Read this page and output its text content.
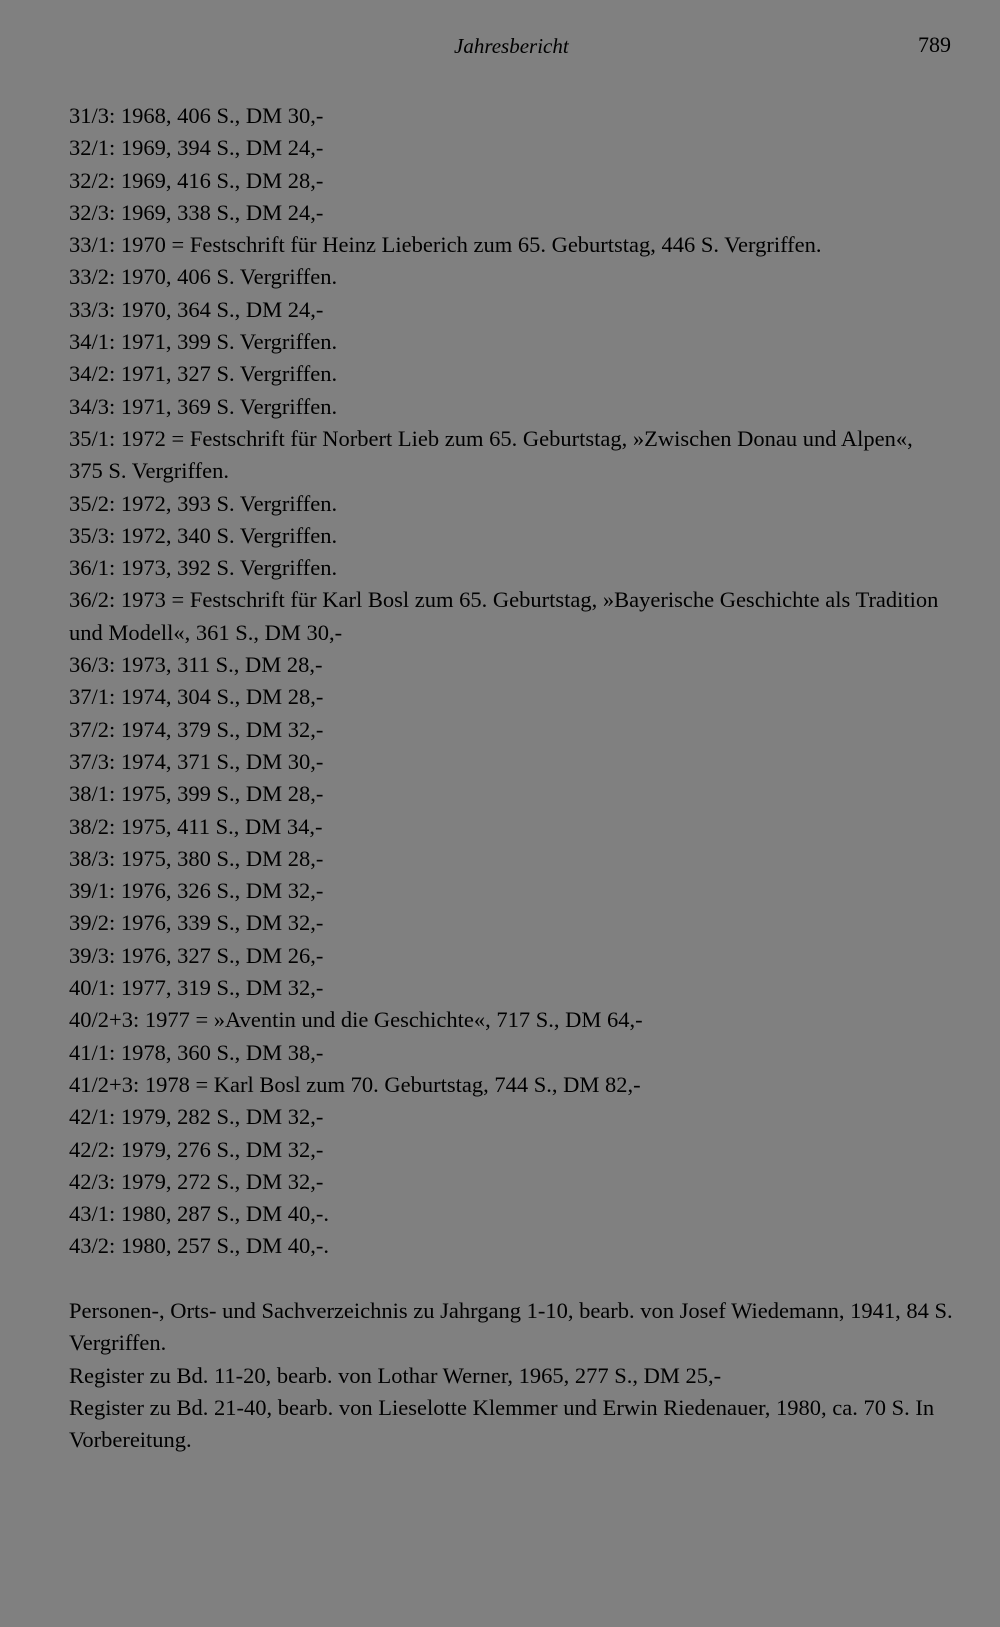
Jahresbericht	789

31/3: 1968, 406 S., DM 30,-

32/1: 1969, 394 S., DM 24,-

32/2: 1969, 416 S., DM 28,-

32/3: 1969, 338 S., DM 24,-

33/1: 1970 = Festschrift für Heinz Lieberich zum 65. Geburtstag, 446 S. Vergriffen.

33/2: 1970, 406 S. Vergriffen.

33/3: 1970, 364 S., DM 24,-

34/1: 1971, 399 S. Vergriffen.

34/2: 1971, 327 S. Vergriffen.

34/3: 1971, 369 S. Vergriffen.

35/1: 1972 = Festschrift für Norbert Lieb zum 65. Geburtstag, »Zwischen Donau und Alpen«, 375 S. Vergriffen.

35/2: 1972, 393 S. Vergriffen.

35/3: 1972, 340 S. Vergriffen.

36/1: 1973, 392 S. Vergriffen.

36/2: 1973 = Festschrift für Karl Bosl zum 65. Geburtstag, »Bayerische Geschichte als Tradition und Modell«, 361 S., DM 30,-

36/3: 1973, 311 S., DM 28,-

37/1: 1974, 304 S., DM 28,-

37/2: 1974, 379 S., DM 32,-

37/3: 1974, 371 S., DM 30,-

38/1: 1975, 399 S., DM 28,-

38/2: 1975, 411 S., DM 34,-

38/3: 1975, 380 S., DM 28,-

39/1: 1976, 326 S., DM 32,-

39/2: 1976, 339 S., DM 32,-

39/3: 1976, 327 S., DM 26,-

40/1: 1977, 319 S., DM 32,-

40/2+3: 1977 = »Aventin und die Geschichte«, 717 S., DM 64,-

41/1: 1978, 360 S., DM 38,-

41/2+3: 1978 = Karl Bosl zum 70. Geburtstag, 744 S., DM 82,-

42/1: 1979, 282 S., DM 32,-

42/2: 1979, 276 S., DM 32,-

42/3: 1979, 272 S., DM 32,-

43/1: 1980, 287 S., DM 40,-.

43/2: 1980, 257 S., DM 40,-.

Personen-, Orts- und Sachverzeichnis zu Jahrgang 1-10, bearb. von Josef Wiedemann, 1941, 84 S. Vergriffen.

Register zu Bd. 11-20, bearb. von Lothar Werner, 1965, 277 S., DM 25,-

Register zu Bd. 21-40, bearb. von Lieselotte Klemmer und Erwin Riedenauer, 1980, ca. 70 S. In Vorbereitung.
